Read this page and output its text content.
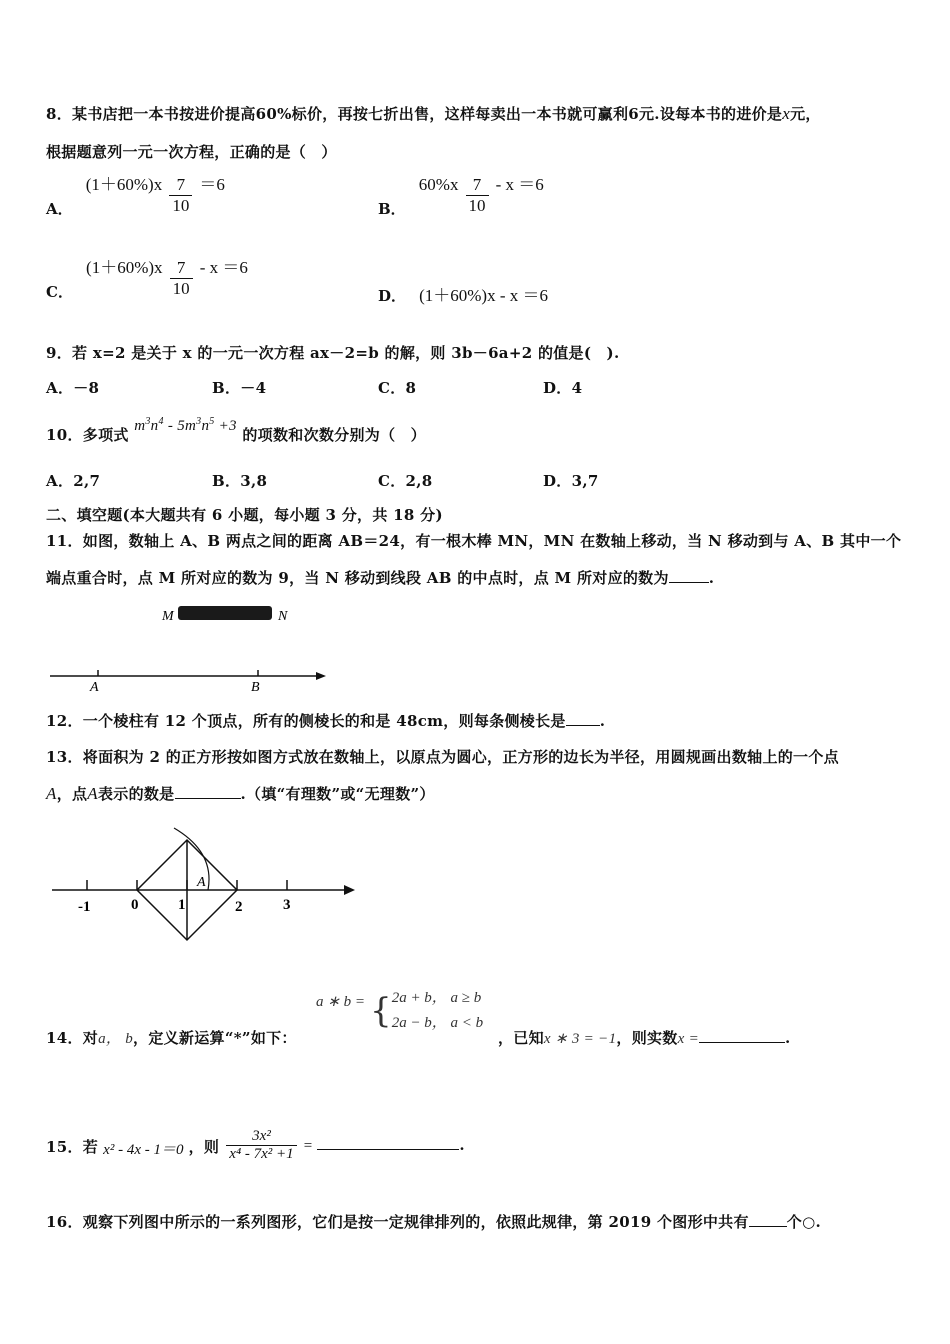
8．某书店把一本书按进价提高60%标价，再按七折出售，这样每卖出一本书就可赢利6元.设每本书的进价是x元，
根据题意列一元一次方程，正确的是（　）
A． $(1+60\%)x \frac{7}{10} =6$
B． $60\%x \frac{7}{10} - x =6$
C． $(1+60\%)x \frac{7}{10} - x =6$
D． (1＋60%)x - x ＝6
9．若 x=2 是关于 x 的一元一次方程 ax－2=b 的解，则 3b－6a+2 的值是(　).
A．－8	B．－4	C．8	D．4
10．多项式 $m^3n^4 - 5m^3n^5 +3$ 的项数和次数分别为（　）
A．2,7	B．3,8	C．2,8	D．3,7
二、填空题(本大题共有 6 小题，每小题 3 分，共 18 分)
11．如图，数轴上 A、B 两点之间的距离 AB＝24，有一根木棒 MN，MN 在数轴上移动，当 N 移动到与 A、B 其中一个
端点重合时，点 M 所对应的数为 9，当 N 移动到线段 AB 的中点时，点 M 所对应的数为	.
M	N
A	B
12．一个棱柱有 12 个顶点，所有的侧棱长的和是 48cm，则每条侧棱长是 .
13．将面积为 2 的正方形按如图方式放在数轴上，以原点为圆心，正方形的边长为半径，用圆规画出数轴上的一个点
A，点A表示的数是	.（填“有理数”或“无理数”）
A
-1	0	1	2	3
14．对a， b，定义新运算“*”如下：
a ∗ b = { 2a + b， a ≥ b
2a − b， a < b
，已知x ∗ 3 = −1，则实数x =	.
15．若 x² - 4x - 1＝0 ，则 $\frac{\text{3x²}}{\text{x⁴ - 7x² +1}}$ =	.
16．观察下列图中所示的一系列图形，它们是按一定规律排列的，依照此规律，第 2019 个图形中共有	个○.
